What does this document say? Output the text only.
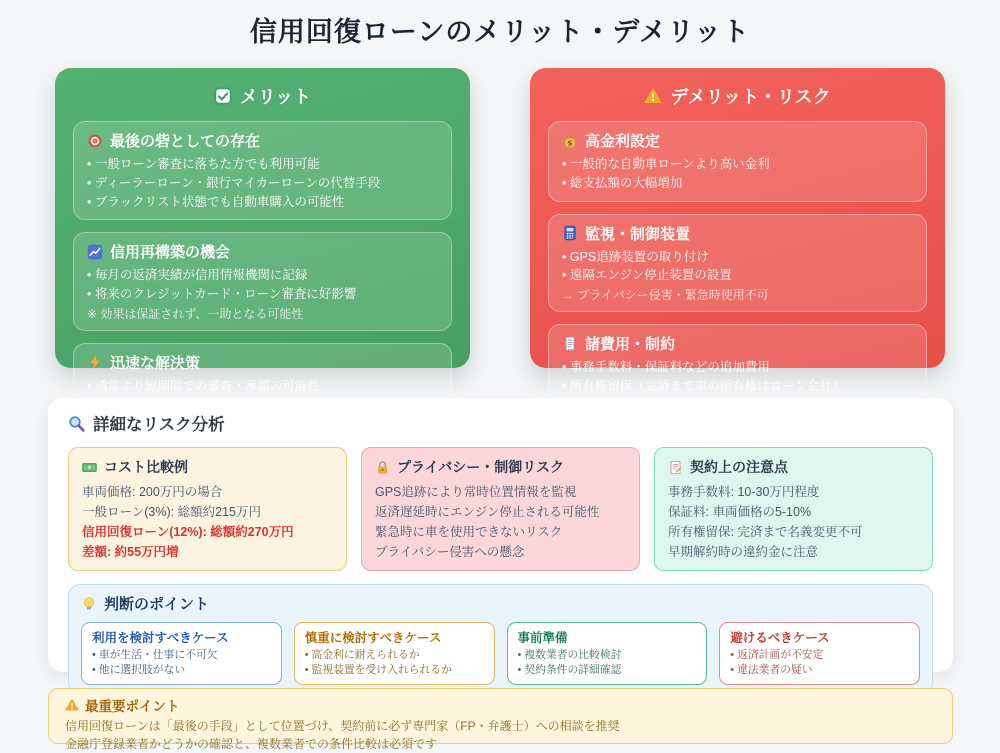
信用回復ローンのメリット・デメリット
メリット
最後の砦としての存在
• 一般ローン審査に落ちた方でも利用可能
• ディーラーローン・銀行マイカーローンの代替手段
• ブラックリスト状態でも自動車購入の可能性
信用再構築の機会
• 毎月の返済実績が信用情報機関に記録
• 将来のクレジットカード・ローン審査に好影響
※ 効果は保証されず、一助となる可能性
迅速な解決策
• 通常より短期間での審査・承認の可能性
デメリット・リスク
$ 高金利設定
• 一般的な自動車ローンより高い金利
• 総支払額の大幅増加
監視・制御装置
• GPS追跡装置の取り付け
• 遠隔エンジン停止装置の設置
→ プライバシー侵害・緊急時使用不可
諸費用・制約
• 事務手数料・保証料などの追加費用
• 所有権留保（完済まで車の所有権はローン会社）
詳細なリスク分析
コスト比較例
車両価格: 200万円の場合
一般ローン(3%): 総額約215万円
信用回復ローン(12%): 総額約270万円
差額: 約55万円増
プライバシー・制御リスク
GPS追跡により常時位置情報を監視
返済遅延時にエンジン停止される可能性
緊急時に車を使用できないリスク
プライバシー侵害への懸念
契約上の注意点
事務手数料: 10-30万円程度
保証料: 車両価格の5-10%
所有権留保: 完済まで名義変更不可
早期解約時の違約金に注意
判断のポイント
利用を検討すべきケース
• 車が生活・仕事に不可欠
• 他に選択肢がない
慎重に検討すべきケース
• 高金利に耐えられるか
• 監視装置を受け入れられるか
事前準備
• 複数業者の比較検討
• 契約条件の詳細確認
避けるべきケース
• 返済計画が不安定
• 違法業者の疑い
最重要ポイント
信用回復ローンは「最後の手段」として位置づけ、契約前に必ず専門家（FP・弁護士）への相談を推奨
金融庁登録業者かどうかの確認と、複数業者での条件比較は必須です
